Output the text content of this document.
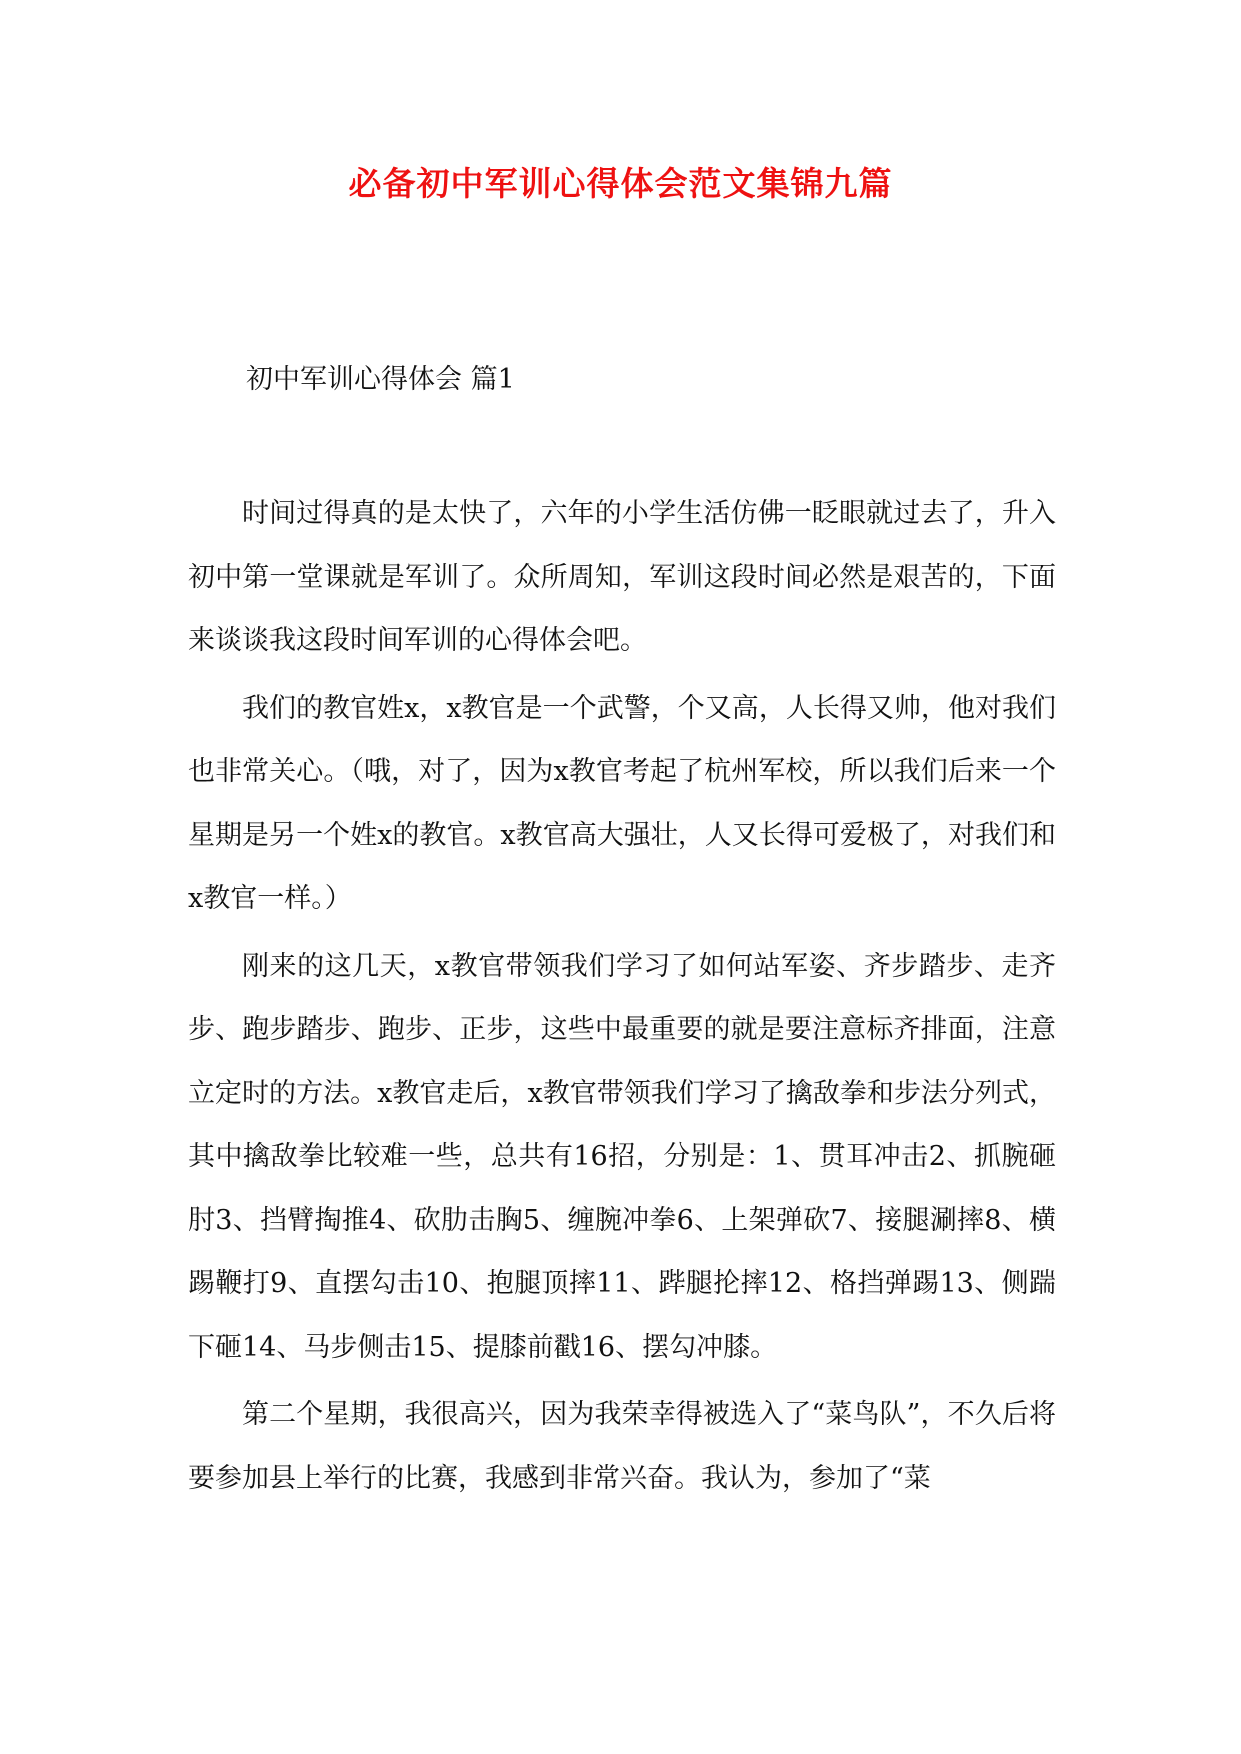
必备初中军训心得体会范文集锦九篇
初中军训心得体会 篇1

时间过得真的是太快了，六年的小学生活仿佛一眨眼就过去了，升入初中第一堂课就是军训了。众所周知，军训这段时间必然是艰苦的，下面来谈谈我这段时间军训的心得体会吧。

我们的教官姓x，x教官是一个武警，个又高，人长得又帅，他对我们也非常关心。（哦，对了，因为x教官考起了杭州军校，所以我们后来一个星期是另一个姓x的教官。x教官高大强壮，人又长得可爱极了，对我们和x教官一样。）

刚来的这几天，x教官带领我们学习了如何站军姿、齐步踏步、走齐步、跑步踏步、跑步、正步，这些中最重要的就是要注意标齐排面，注意立定时的方法。x教官走后，x教官带领我们学习了擒敌拳和步法分列式，其中擒敌拳比较难一些，总共有16招，分别是：1、贯耳冲击2、抓腕砸肘3、挡臂掏推4、砍肋击胸5、缠腕冲拳6、上架弹砍7、接腿涮摔8、横踢鞭打9、直摆勾击10、抱腿顶摔11、跸腿抡摔12、格挡弹踢13、侧踹下砸14、马步侧击15、提膝前戳16、摆勾冲膝。

第二个星期，我很高兴，因为我荣幸得被选入了“菜鸟队”，不久后将要参加县上举行的比赛，我感到非常兴奋。我认为，参加了“菜
